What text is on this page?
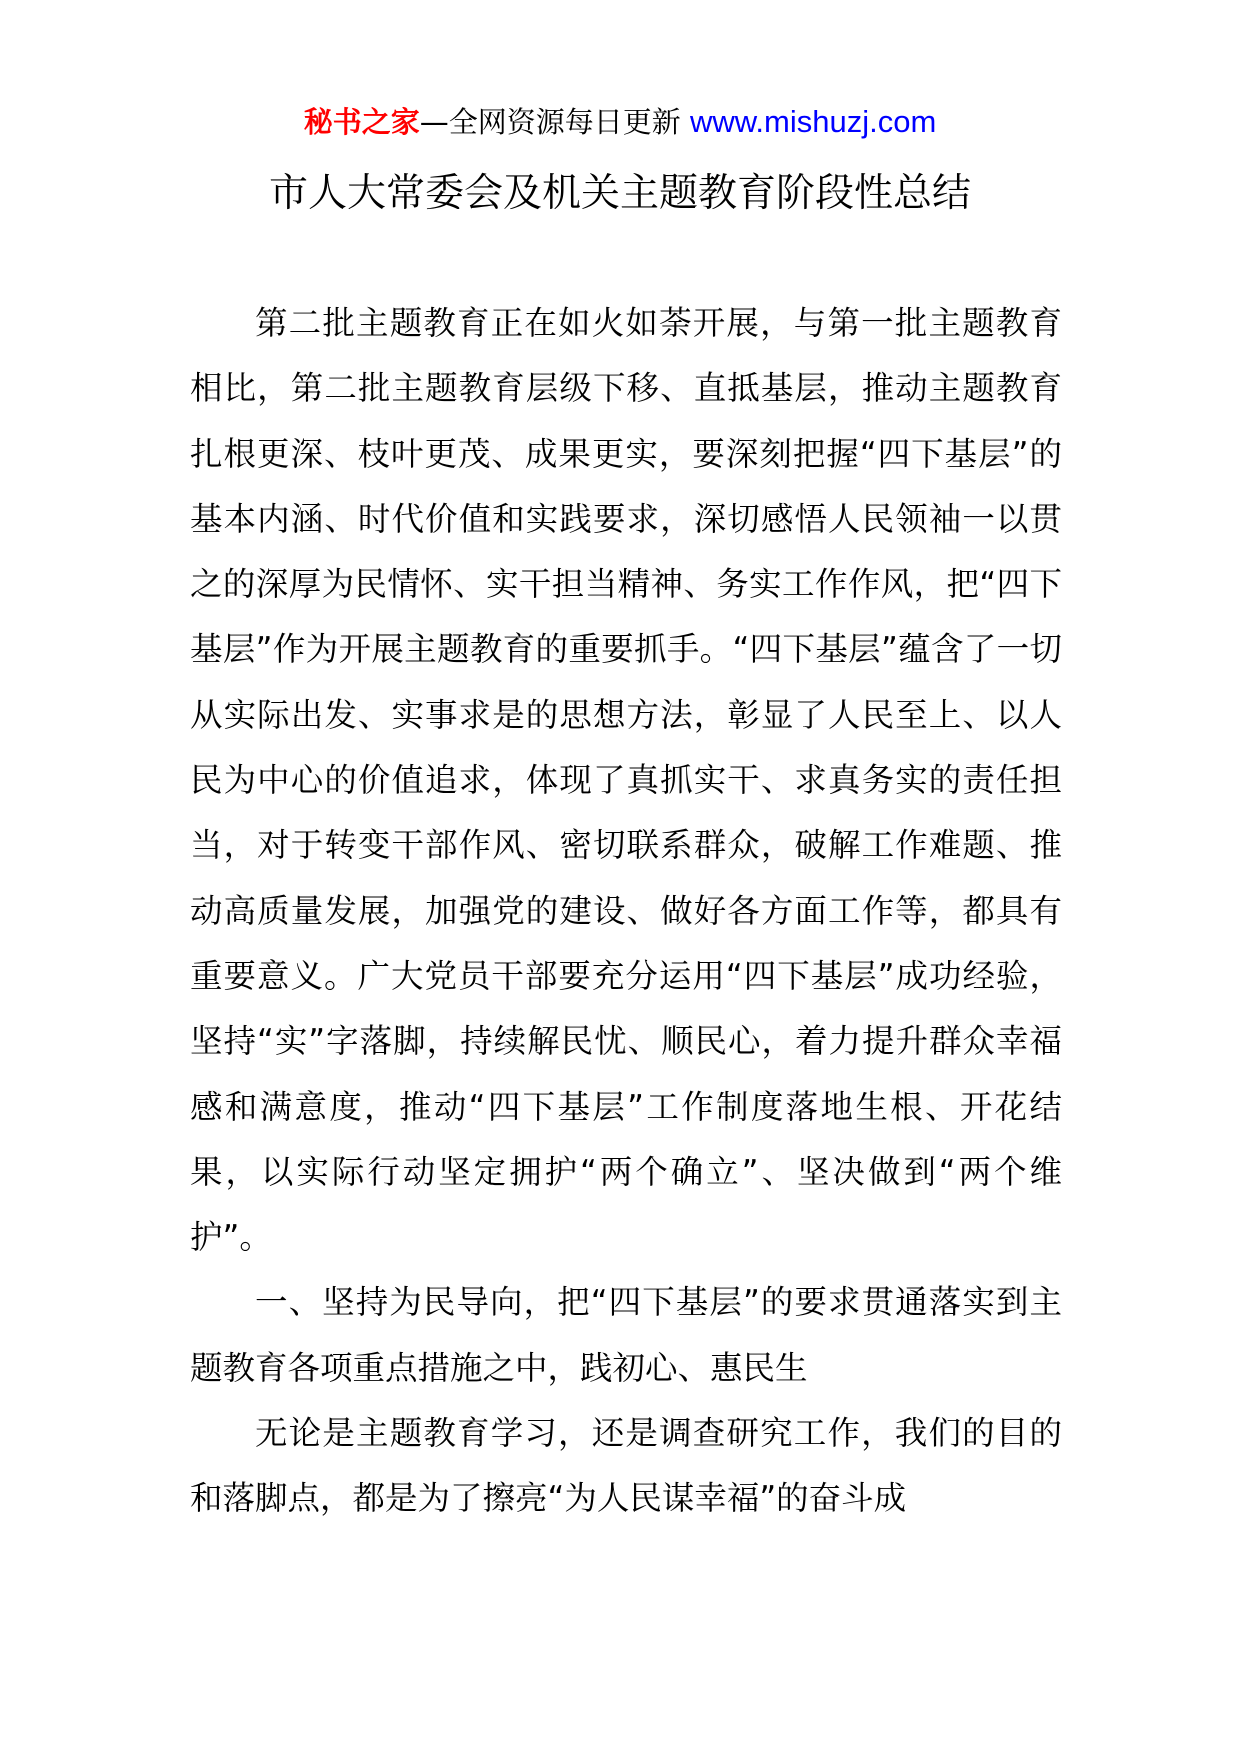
秘书之家—全网资源每日更新 www.mishuzj.com
市人大常委会及机关主题教育阶段性总结

第二批主题教育正在如火如荼开展，与第一批主题教育相比，第二批主题教育层级下移、直抵基层，推动主题教育扎根更深、枝叶更茂、成果更实，要深刻把握“四下基层”的基本内涵、时代价值和实践要求，深切感悟人民领袖一以贯之的深厚为民情怀、实干担当精神、务实工作作风，把“四下基层”作为开展主题教育的重要抓手。“四下基层”蕴含了一切从实际出发、实事求是的思想方法，彰显了人民至上、以人民为中心的价值追求，体现了真抓实干、求真务实的责任担当，对于转变干部作风、密切联系群众，破解工作难题、推动高质量发展，加强党的建设、做好各方面工作等，都具有重要意义。广大党员干部要充分运用“四下基层”成功经验，坚持“实”字落脚，持续解民忧、顺民心，着力提升群众幸福感和满意度，推动“四下基层”工作制度落地生根、开花结果，以实际行动坚定拥护“两个确立”、坚决做到“两个维护”。

一、坚持为民导向，把“四下基层”的要求贯通落实到主题教育各项重点措施之中，践初心、惠民生

无论是主题教育学习，还是调查研究工作，我们的目的和落脚点，都是为了擦亮“为人民谋幸福”的奋斗成
